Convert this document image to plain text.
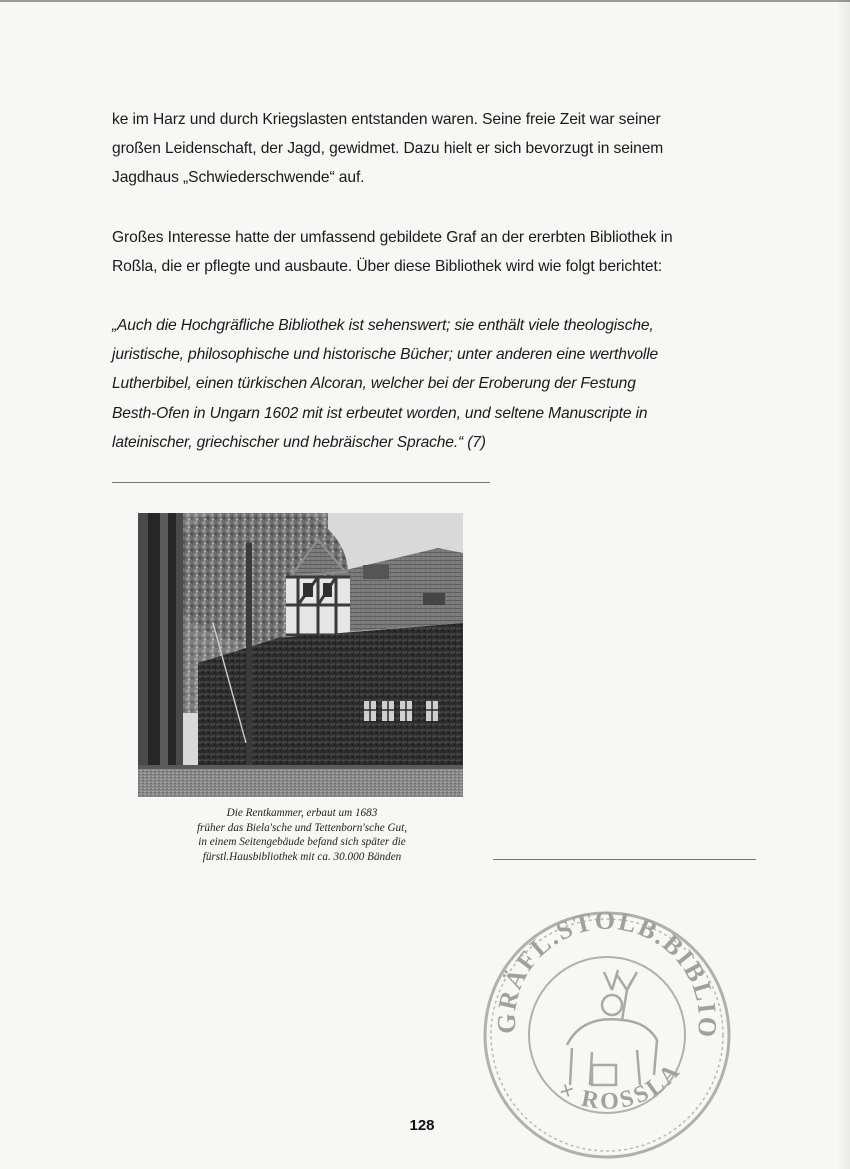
ke im Harz und durch Kriegslasten entstanden waren. Seine freie Zeit war seiner
großen Leidenschaft, der Jagd, gewidmet. Dazu hielt er sich bevorzugt in seinem
Jagdhaus „Schwiederschwende“ auf.

Großes Interesse hatte der umfassend gebildete Graf an der ererbten Bibliothek in
Roßla, die er pflegte und ausbaute. Über diese Bibliothek wird wie folgt berichtet:

„Auch die Hochgräfliche Bibliothek ist sehenswert; sie enthält viele theologische,
juristische, philosophische und historische Bücher; unter anderen eine werthvolle
Lutherbibel, einen türkischen Alcoran, welcher bei der Eroberung der Festung
Besth-Ofen in Ungarn 1602 mit ist erbeutet worden, und seltene Manuscripte in
lateinischer, griechischer und hebräischer Sprache.“ (7)

Die Rentkammer, erbaut um 1683
früher das Biela'sche und Tettenborn'sche Gut,
in einem Seitengebäude befand sich später die
fürstl.Hausbibliothek mit ca. 30.000 Bänden
GRÄFL.STOLB.BIBLIO
× ROSSLA
128
